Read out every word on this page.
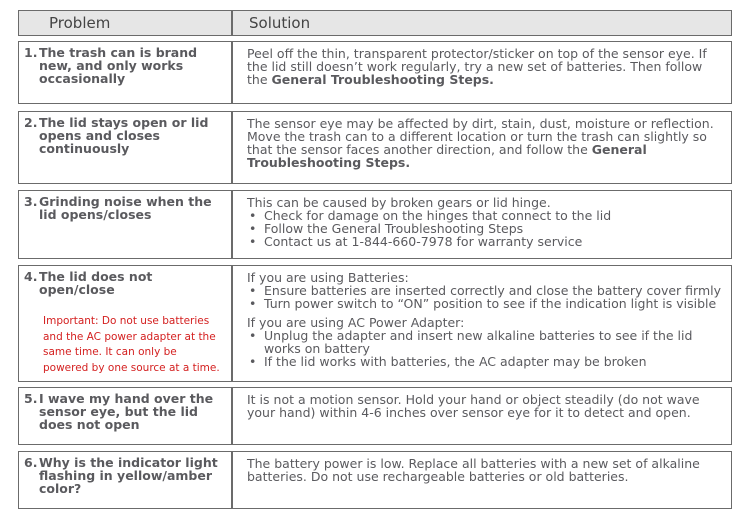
Problem	Solution
1. The trash can is brand new, and only works occasionally
Peel off the thin, transparent protector/sticker on top of the sensor eye. If the lid still doesn’t work regularly, try a new set of batteries. Then follow the General Troubleshooting Steps.
2. The lid stays open or lid opens and closes continuously
The sensor eye may be affected by dirt, stain, dust, moisture or reflection. Move the trash can to a different location or turn the trash can slightly so that the sensor faces another direction, and follow the General Troubleshooting Steps.
3. Grinding noise when the lid opens/closes
This can be caused by broken gears or lid hinge.
• Check for damage on the hinges that connect to the lid
• Follow the General Troubleshooting Steps
• Contact us at 1-844-660-7978 for warranty service
4. The lid does not open/close
Important: Do not use batteries and the AC power adapter at the same time. It can only be powered by one source at a time.
If you are using Batteries:
• Ensure batteries are inserted correctly and close the battery cover firmly
• Turn power switch to “ON” position to see if the indication light is visible
If you are using AC Power Adapter:
• Unplug the adapter and insert new alkaline batteries to see if the lid works on battery
• If the lid works with batteries, the AC adapter may be broken
5. I wave my hand over the sensor eye, but the lid does not open
It is not a motion sensor. Hold your hand or object steadily (do not wave your hand) within 4-6 inches over sensor eye for it to detect and open.
6. Why is the indicator light flashing in yellow/amber color?
The battery power is low. Replace all batteries with a new set of alkaline batteries. Do not use rechargeable batteries or old batteries.
